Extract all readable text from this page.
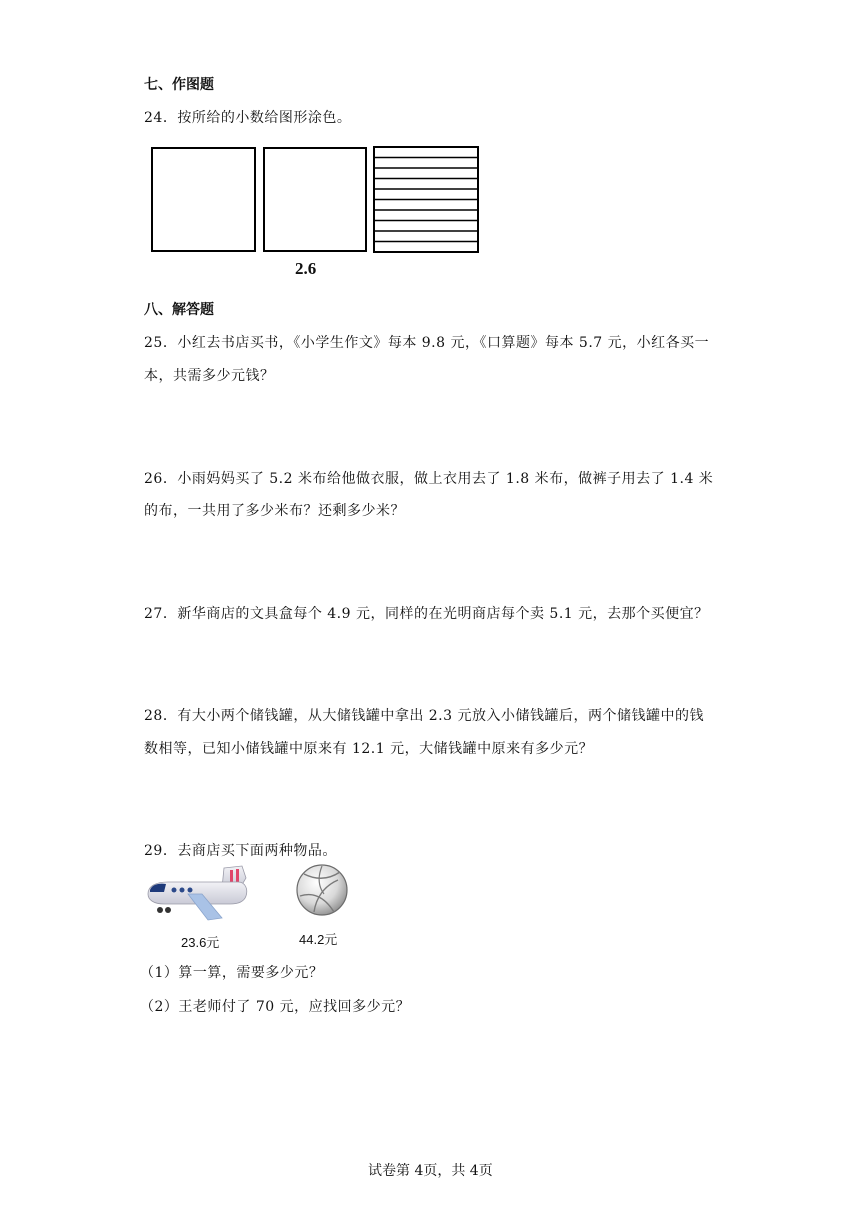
七、作图题
24．按所给的小数给图形涂色。
2.6
八、解答题
25．小红去书店买书，《小学生作文》每本 9.8 元，《口算题》每本 5.7 元，小红各买一
本，共需多少元钱？
26．小雨妈妈买了 5.2 米布给他做衣服，做上衣用去了 1.8 米布，做裤子用去了 1.4 米
的布，一共用了多少米布？还剩多少米？
27．新华商店的文具盒每个 4.9 元，同样的在光明商店每个卖 5.1 元，去那个买便宜？
28．有大小两个储钱罐，从大储钱罐中拿出 2.3 元放入小储钱罐后，两个储钱罐中的钱
数相等，已知小储钱罐中原来有 12.1 元，大储钱罐中原来有多少元？
29．去商店买下面两种物品。
23.6元	44.2元
（1）算一算，需要多少元？
（2）王老师付了 70 元，应找回多少元？
试卷第 4页，共 4页
